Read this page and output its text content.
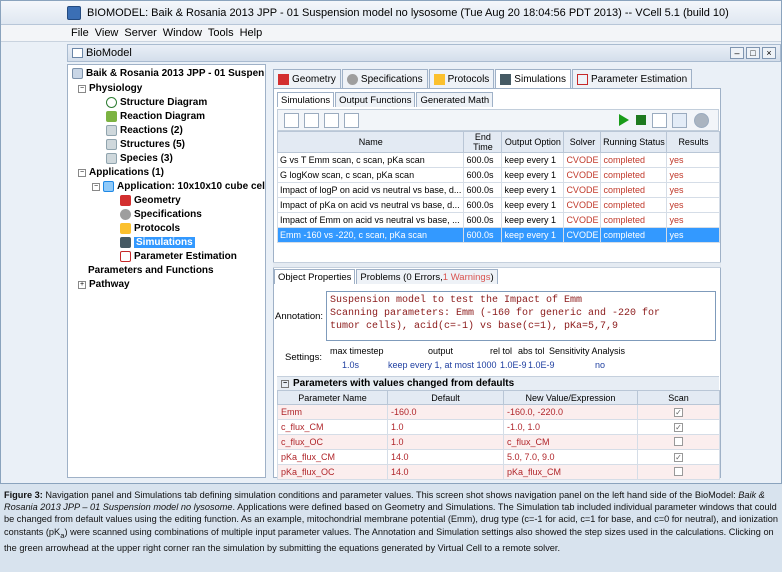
BIOMODEL: Baik & Rosania 2013 JPP - 01 Suspension model no lysosome (Tue Aug 20 18:04:56 PDT 2013) -- VCell 5.1 (build 10)
File View Server Window Tools Help
BioModel	–	□	×
Baik & Rosania 2013 JPP - 01 Suspen
− Physiology
Structure Diagram
Reaction Diagram
Reactions (2)
Structures (5)
Species (3)
− Applications (1)
− Application: 10x10x10 cube cel
Geometry
Specifications
Protocols
Simulations
Parameter Estimation
Parameters and Functions
+ Pathway
Geometry	Specifications	Protocols	Simulations	Parameter Estimation
Simulations Output Functions Generated Math
Name	End Time	Output Option	Solver	Running Status	Results
G vs T Emm scan, c scan, pKa scan	600.0s	keep every 1	CVODE	completed	yes
G logKow scan, c scan, pKa scan	600.0s	keep every 1	CVODE	completed	yes
Impact of logP on acid vs neutral vs base, d...	600.0s	keep every 1	CVODE	completed	yes
Impact of pKa on acid vs neutral vs base, d...	600.0s	keep every 1	CVODE	completed	yes
Impact of Emm on acid vs neutral vs base, ...	600.0s	keep every 1	CVODE	completed	yes
Emm -160 vs -220, c scan, pKa scan	600.0s	keep every 1	CVODE	completed	yes
Object Properties Problems (0 Errors, 1 Warnings )
Annotation:
Suspension model to test the Impact of Emm
Scanning parameters: Emm (-160 for generic and -220 for
tumor cells), acid(c=-1) vs base(c=1), pKa=5,7,9
Settings:
max timestep	output	rel tol abs tol Sensitivity Analysis
1.0s	keep every 1, at most 1000 1.0E-9 1.0E-9	no
− Parameters with values changed from defaults
Parameter Name	Default	New Value/Expression	Scan
Emm	-160.0	-160.0, -220.0	✓
c_flux_CM	1.0	-1.0, 1.0	✓
c_flux_OC	1.0	c_flux_CM	
pKa_flux_CM	14.0	5.0, 7.0, 9.0	✓
pKa_flux_OC	14.0	pKa_flux_CM	
Figure 3: Navigation panel and Simulations tab defining simulation conditions and parameter values. This screen shot shows navigation panel on the left hand side of the BioModel: Baik & Rosania 2013 JPP – 01 Suspension model no lysosome. Applications were defined based on Geometry and Simulations. The Simulation tab included individual parameter windows that could be changed from default values using the editing function. As an example, mitochondrial membrane potential (Emm), drug type (c=-1 for acid, c=1 for base, and c=0 for neutral), and ionization constants $(pK_a)$ were scanned using combinations of multiple input parameter values. The Annotation and Simulation settings also showed the step sizes used in the calculations. Clicking on the green arrowhead at the upper right corner ran the simulation by submitting the equations generated by Virtual Cell to a remote solver.
